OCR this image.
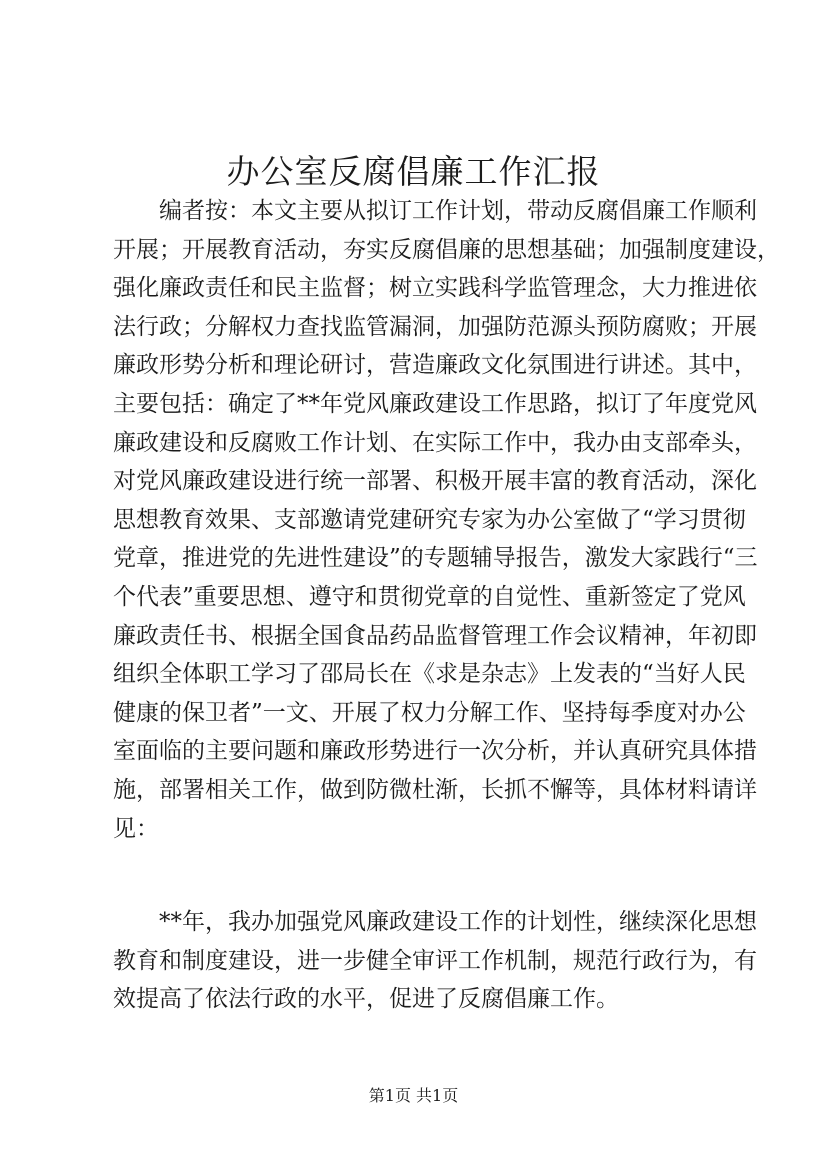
办公室反腐倡廉工作汇报
编者按：本文主要从拟订工作计划，带动反腐倡廉工作顺利
开展；开展教育活动，夯实反腐倡廉的思想基础；加强制度建设，
强化廉政责任和民主监督；树立实践科学监管理念，大力推进依
法行政；分解权力查找监管漏洞，加强防范源头预防腐败；开展
廉政形势分析和理论研讨，营造廉政文化氛围进行讲述。其中，
主要包括：确定了**年党风廉政建设工作思路，拟订了年度党风
廉政建设和反腐败工作计划、在实际工作中，我办由支部牵头，
对党风廉政建设进行统一部署、积极开展丰富的教育活动，深化
思想教育效果、支部邀请党建研究专家为办公室做了“学习贯彻
党章，推进党的先进性建设”的专题辅导报告，激发大家践行“三
个代表”重要思想、遵守和贯彻党章的自觉性、重新签定了党风
廉政责任书、根据全国食品药品监督管理工作会议精神，年初即
组织全体职工学习了邵局长在《求是杂志》上发表的“当好人民
健康的保卫者”一文、开展了权力分解工作、坚持每季度对办公
室面临的主要问题和廉政形势进行一次分析，并认真研究具体措
施，部署相关工作，做到防微杜渐，长抓不懈等，具体材料请详
见：
**年，我办加强党风廉政建设工作的计划性，继续深化思想
教育和制度建设，进一步健全审评工作机制，规范行政行为，有
效提高了依法行政的水平，促进了反腐倡廉工作。
第1页 共1页
